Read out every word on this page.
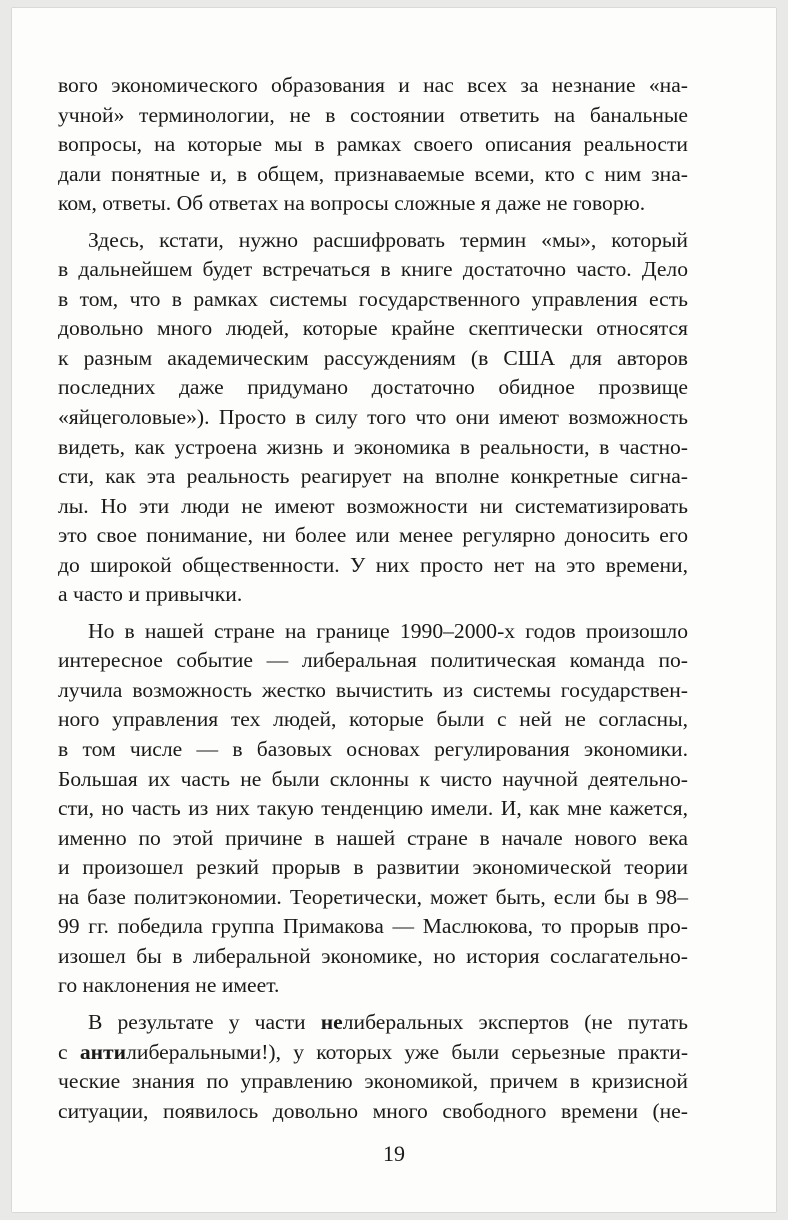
вого экономического образования и нас всех за незнание «на-
учной» терминологии, не в состоянии ответить на банальные
вопросы, на которые мы в рамках своего описания реальности
дали понятные и, в общем, признаваемые всеми, кто с ним зна-
ком, ответы. Об ответах на вопросы сложные я даже не говорю.
Здесь, кстати, нужно расшифровать термин «мы», который
в дальнейшем будет встречаться в книге достаточно часто. Дело
в том, что в рамках системы государственного управления есть
довольно много людей, которые крайне скептически относятся
к разным академическим рассуждениям (в США для авторов
последних даже придумано достаточно обидное прозвище
«яйцеголовые»). Просто в силу того что они имеют возможность
видеть, как устроена жизнь и экономика в реальности, в частно-
сти, как эта реальность реагирует на вполне конкретные сигна-
лы. Но эти люди не имеют возможности ни систематизировать
это свое понимание, ни более или менее регулярно доносить его
до широкой общественности. У них просто нет на это времени,
а часто и привычки.
Но в нашей стране на границе 1990–2000-х годов произошло
интересное событие — либеральная политическая команда по-
лучила возможность жестко вычистить из системы государствен-
ного управления тех людей, которые были с ней не согласны,
в том числе — в базовых основах регулирования экономики.
Большая их часть не были склонны к чисто научной деятельно-
сти, но часть из них такую тенденцию имели. И, как мне кажется,
именно по этой причине в нашей стране в начале нового века
и произошел резкий прорыв в развитии экономической теории
на базе политэкономии. Теоретически, может быть, если бы в 98–
99 гг. победила группа Примакова — Маслюкова, то прорыв про-
изошел бы в либеральной экономике, но история сослагательно-
го наклонения не имеет.
В результате у части нелиберальных экспертов (не путать
с антилиберальными!), у которых уже были серьезные практи-
ческие знания по управлению экономикой, причем в кризисной
ситуации, появилось довольно много свободного времени (не-
19
